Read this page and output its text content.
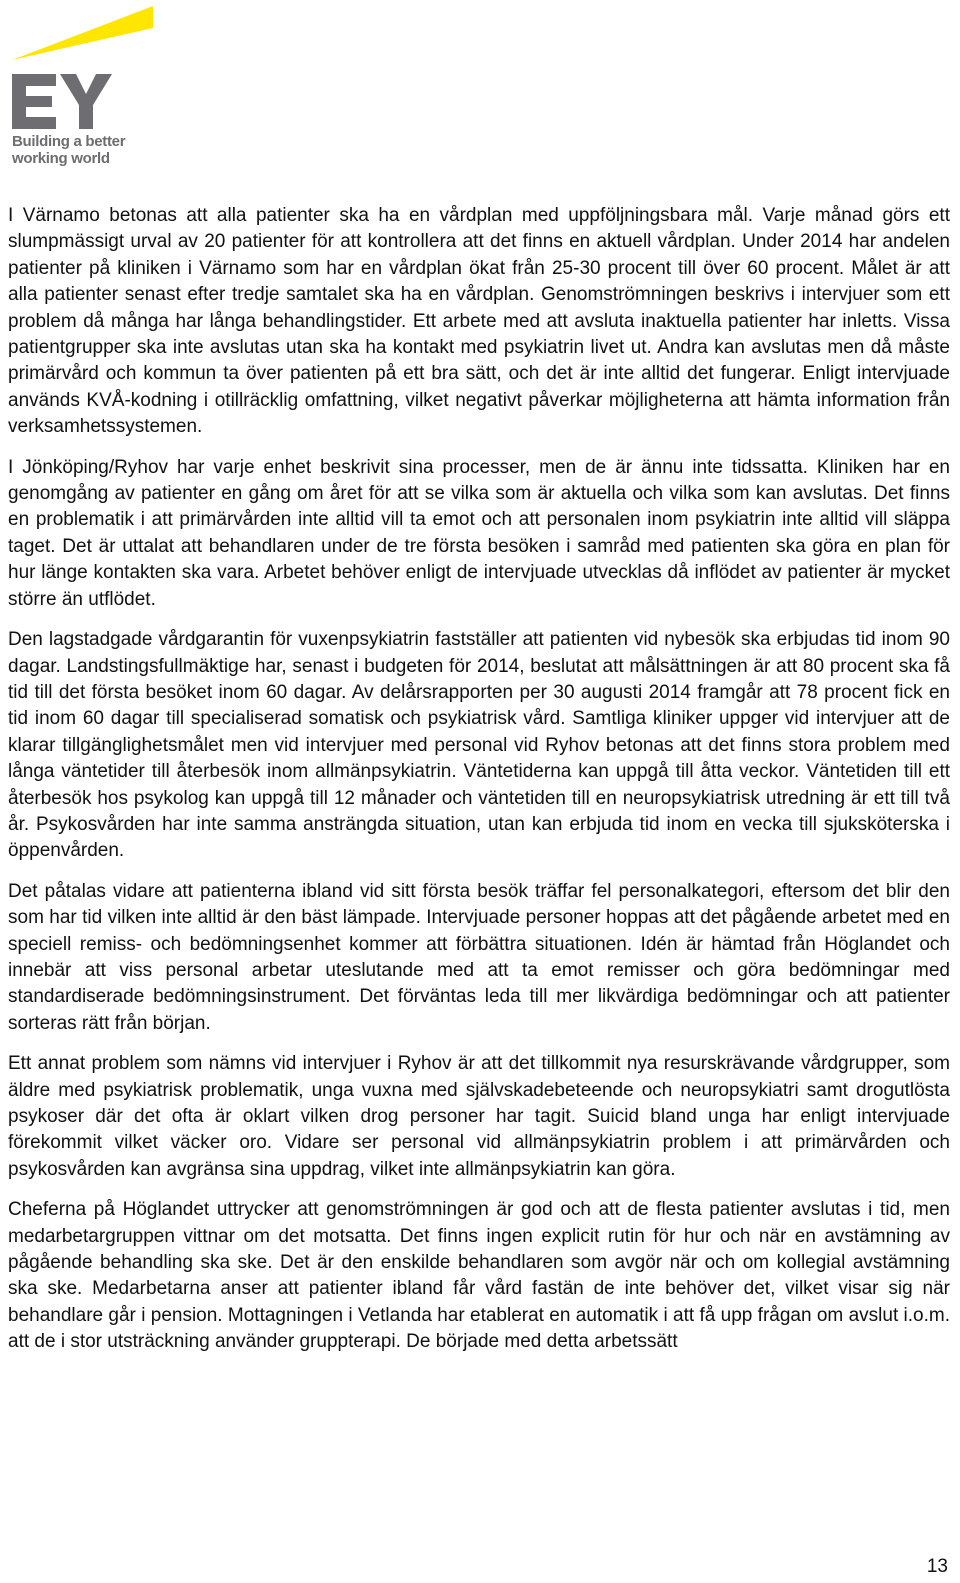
Building a better
working world

I Värnamo betonas att alla patienter ska ha en vårdplan med uppföljningsbara mål. Varje månad görs ett slumpmässigt urval av 20 patienter för att kontrollera att det finns en aktuell vårdplan. Under 2014 har andelen patienter på kliniken i Värnamo som har en vårdplan ökat från 25-30 procent till över 60 procent. Målet är att alla patienter senast efter tredje samtalet ska ha en vårdplan. Genomströmningen beskrivs i intervjuer som ett problem då många har långa behandlingstider. Ett arbete med att avsluta inaktuella patienter har inletts. Vissa patientgrupper ska inte avslutas utan ska ha kontakt med psykiatrin livet ut. Andra kan avslutas men då måste primärvård och kommun ta över patienten på ett bra sätt, och det är inte alltid det fungerar. Enligt intervjuade används KVÅ-kodning i otillräcklig omfattning, vilket negativt påverkar möjligheterna att hämta information från verksamhetssystemen.

I Jönköping/Ryhov har varje enhet beskrivit sina processer, men de är ännu inte tidssatta. Kliniken har en genomgång av patienter en gång om året för att se vilka som är aktuella och vilka som kan avslutas. Det finns en problematik i att primärvården inte alltid vill ta emot och att personalen inom psykiatrin inte alltid vill släppa taget. Det är uttalat att behandlaren under de tre första besöken i samråd med patienten ska göra en plan för hur länge kontakten ska vara. Arbetet behöver enligt de intervjuade utvecklas då inflödet av patienter är mycket större än utflödet.

Den lagstadgade vårdgarantin för vuxenpsykiatrin fastställer att patienten vid nybesök ska erbjudas tid inom 90 dagar. Landstingsfullmäktige har, senast i budgeten för 2014, beslutat att målsättningen är att 80 procent ska få tid till det första besöket inom 60 dagar. Av delårsrapporten per 30 augusti 2014 framgår att 78 procent fick en tid inom 60 dagar till specialiserad somatisk och psykiatrisk vård. Samtliga kliniker uppger vid intervjuer att de klarar tillgänglighetsmålet men vid intervjuer med personal vid Ryhov betonas att det finns stora problem med långa väntetider till återbesök inom allmänpsykiatrin. Väntetiderna kan uppgå till åtta veckor. Väntetiden till ett återbesök hos psykolog kan uppgå till 12 månader och väntetiden till en neuropsykiatrisk utredning är ett till två år. Psykosvården har inte samma ansträngda situation, utan kan erbjuda tid inom en vecka till sjuksköterska i öppenvården.

Det påtalas vidare att patienterna ibland vid sitt första besök träffar fel personalkategori, eftersom det blir den som har tid vilken inte alltid är den bäst lämpade. Intervjuade personer hoppas att det pågående arbetet med en speciell remiss- och bedömningsenhet kommer att förbättra situationen. Idén är hämtad från Höglandet och innebär att viss personal arbetar uteslutande med att ta emot remisser och göra bedömningar med standardiserade bedömningsinstrument. Det förväntas leda till mer likvärdiga bedömningar och att patienter sorteras rätt från början.

Ett annat problem som nämns vid intervjuer i Ryhov är att det tillkommit nya resurskrävande vårdgrupper, som äldre med psykiatrisk problematik, unga vuxna med självskadebeteende och neuropsykiatri samt drogutlösta psykoser där det ofta är oklart vilken drog personer har tagit. Suicid bland unga har enligt intervjuade förekommit vilket väcker oro. Vidare ser personal vid allmänpsykiatrin problem i att primärvården och psykosvården kan avgränsa sina uppdrag, vilket inte allmänpsykiatrin kan göra.

Cheferna på Höglandet uttrycker att genomströmningen är god och att de flesta patienter avslutas i tid, men medarbetargruppen vittnar om det motsatta. Det finns ingen explicit rutin för hur och när en avstämning av pågående behandling ska ske. Det är den enskilde behandlaren som avgör när och om kollegial avstämning ska ske. Medarbetarna anser att patienter ibland får vård fastän de inte behöver det, vilket visar sig när behandlare går i pension. Mottagningen i Vetlanda har etablerat en automatik i att få upp frågan om avslut i.o.m. att de i stor utsträckning använder gruppterapi. De började med detta arbetssätt

13
